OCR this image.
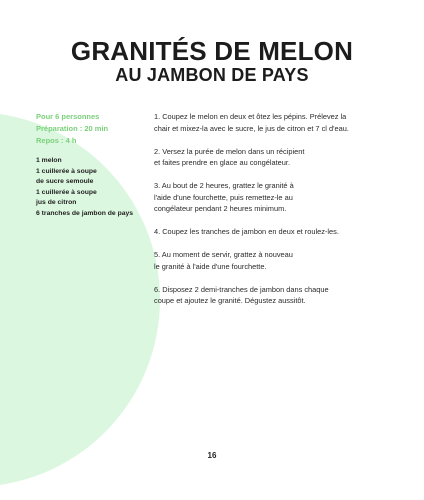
GRANITÉS DE MELON
AU JAMBON DE PAYS
Pour 6 personnes
Préparation : 20 min
Repos : 4 h
1 melon
1 cuillerée à soupe
de sucre semoule
1 cuillerée à soupe
jus de citron
6 tranches de jambon de pays
1. Coupez le melon en deux et ôtez les pépins. Prélevez la
chair et mixez-la avec le sucre, le jus de citron et 7 cl d'eau.
2. Versez la purée de melon dans un récipient
et faites prendre en glace au congélateur.
3. Au bout de 2 heures, grattez le granité à
l'aide d'une fourchette, puis remettez-le au
congélateur pendant 2 heures minimum.
4. Coupez les tranches de jambon en deux et roulez-les.
5. Au moment de servir, grattez à nouveau
le granité à l'aide d'une fourchette.
6. Disposez 2 demi-tranches de jambon dans chaque
coupe et ajoutez le granité. Dégustez aussitôt.
16
